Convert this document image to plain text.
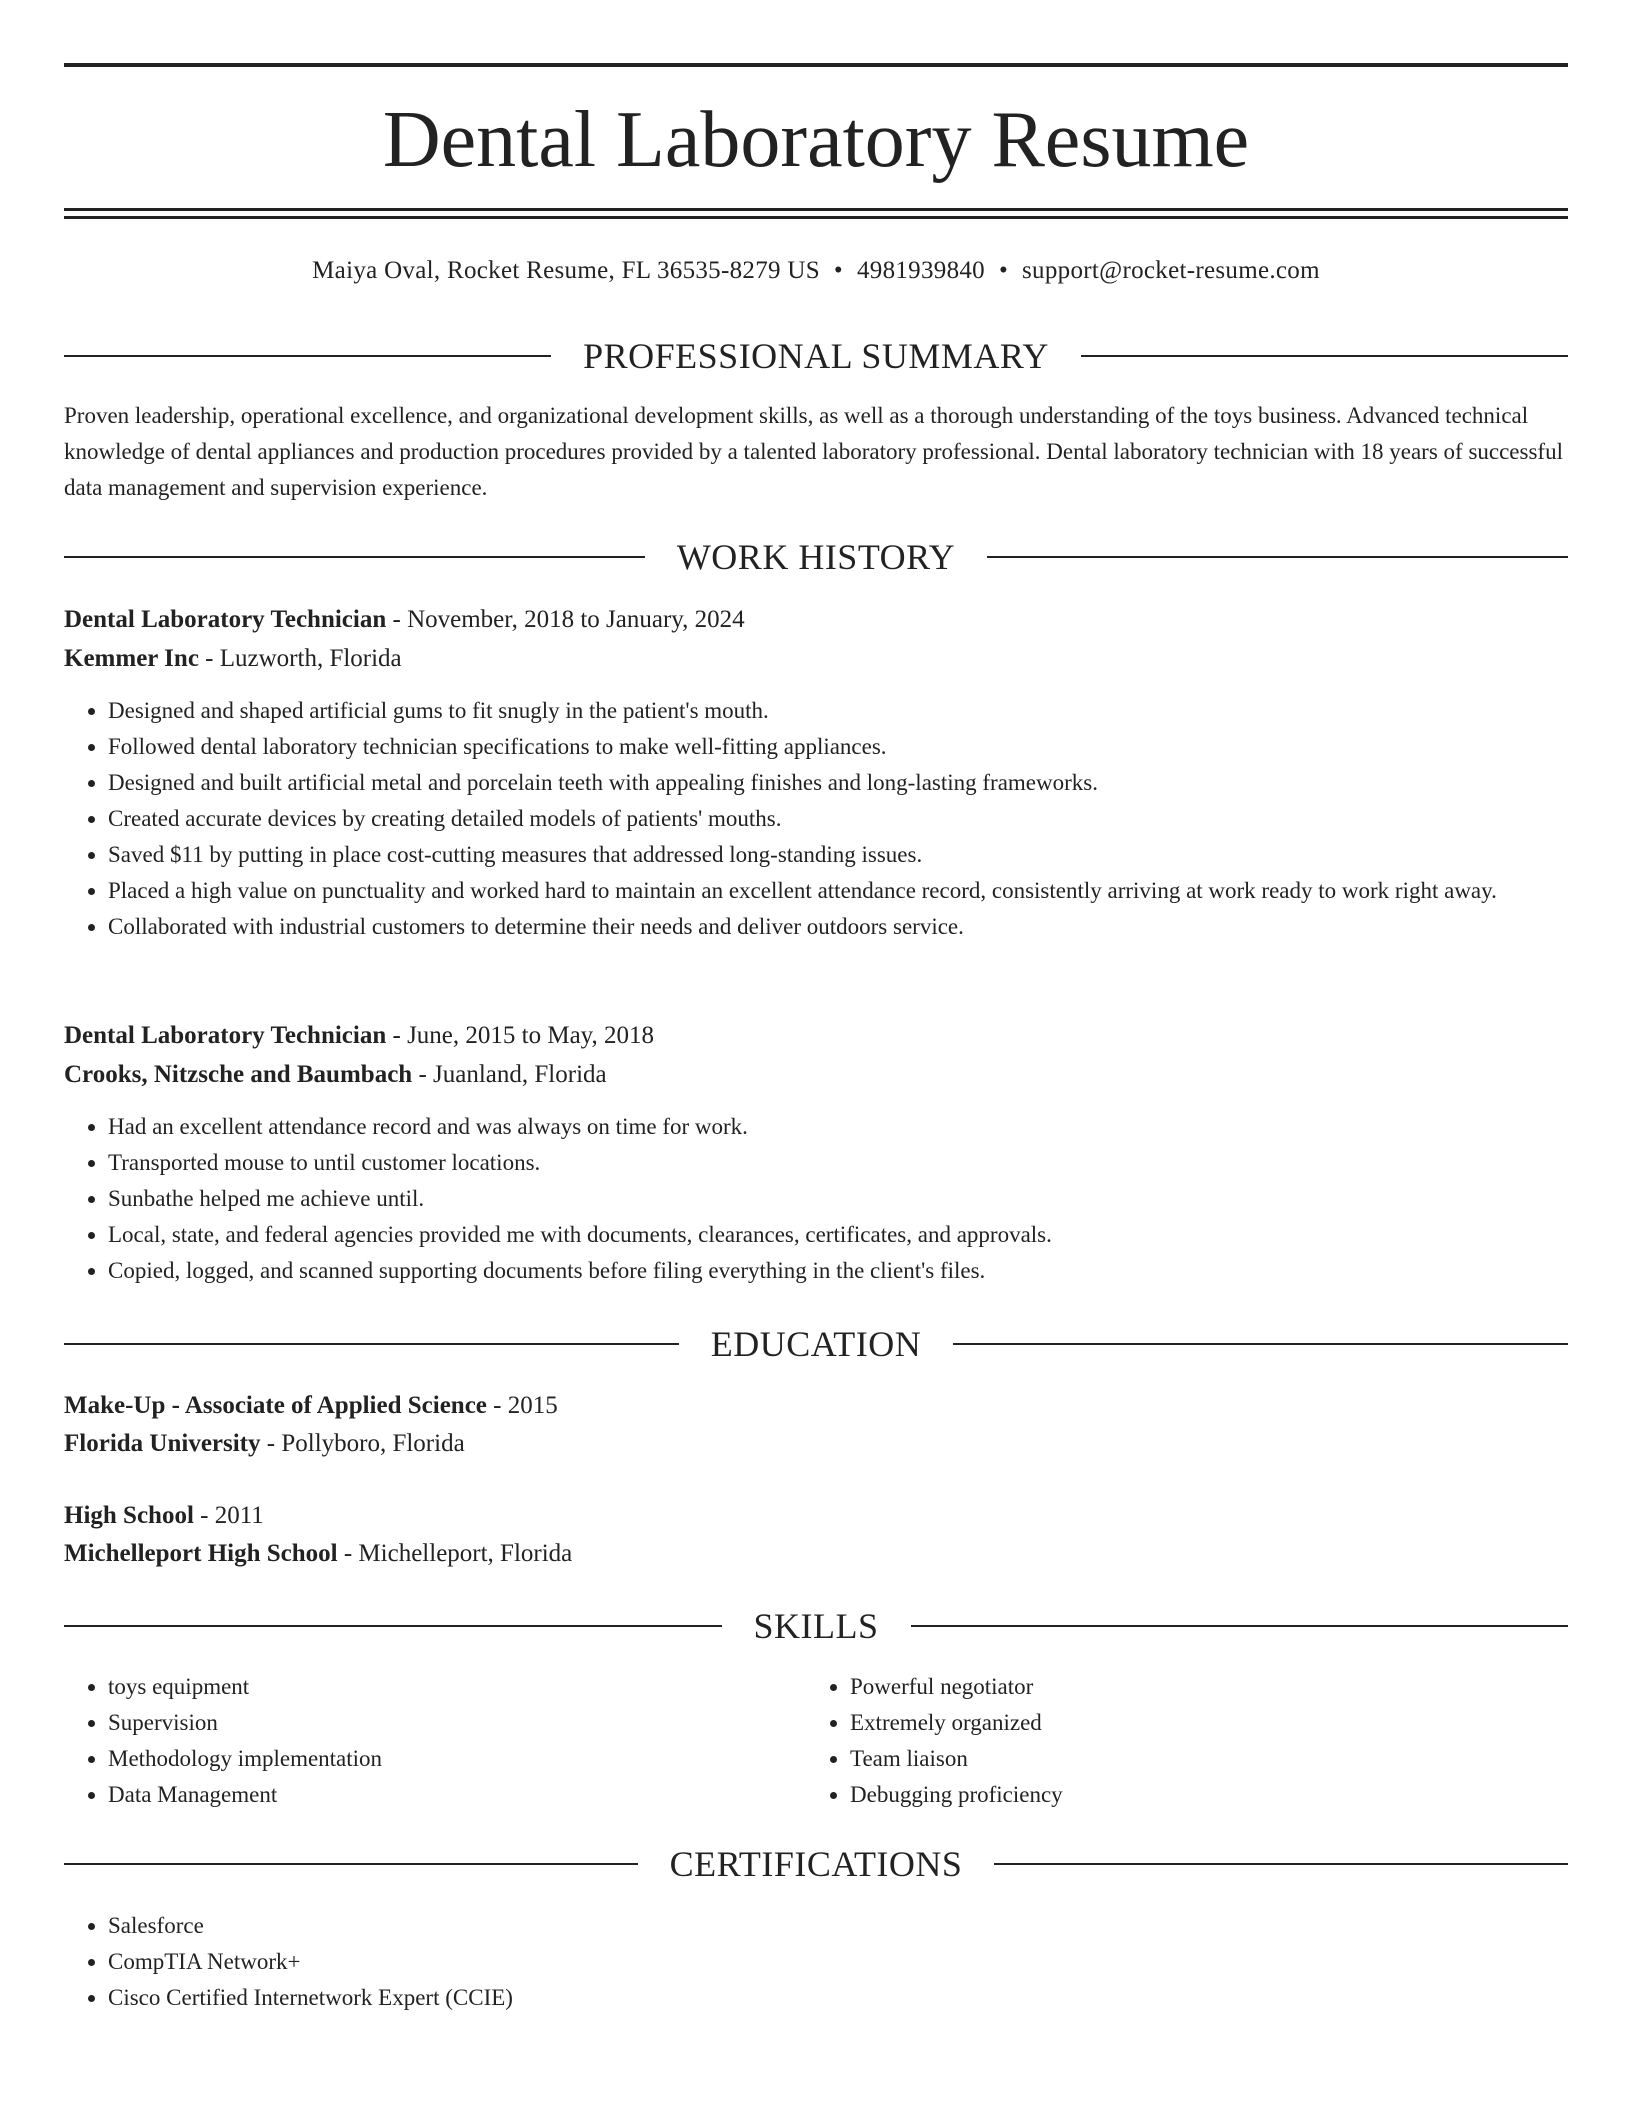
Dental Laboratory Resume
Maiya Oval, Rocket Resume, FL 36535-8279 US • 4981939840 • support@rocket-resume.com
PROFESSIONAL SUMMARY

Proven leadership, operational excellence, and organizational development skills, as well as a thorough understanding of the toys business. Advanced technical knowledge of dental appliances and production procedures provided by a talented laboratory professional. Dental laboratory technician with 18 years of successful data management and supervision experience.

WORK HISTORY
Dental Laboratory Technician - November, 2018 to January, 2024
Kemmer Inc - Luzworth, Florida
• Designed and shaped artificial gums to fit snugly in the patient's mouth.
• Followed dental laboratory technician specifications to make well-fitting appliances.
• Designed and built artificial metal and porcelain teeth with appealing finishes and long-lasting frameworks.
• Created accurate devices by creating detailed models of patients' mouths.
• Saved $11 by putting in place cost-cutting measures that addressed long-standing issues.
• Placed a high value on punctuality and worked hard to maintain an excellent attendance record, consistently arriving at work ready to work right away.
• Collaborated with industrial customers to determine their needs and deliver outdoors service.
Dental Laboratory Technician - June, 2015 to May, 2018
Crooks, Nitzsche and Baumbach - Juanland, Florida
• Had an excellent attendance record and was always on time for work.
• Transported mouse to until customer locations.
• Sunbathe helped me achieve until.
• Local, state, and federal agencies provided me with documents, clearances, certificates, and approvals.
• Copied, logged, and scanned supporting documents before filing everything in the client's files.
EDUCATION
Make-Up - Associate of Applied Science - 2015
Florida University - Pollyboro, Florida
High School - 2011
Michelleport High School - Michelleport, Florida
SKILLS
• toys equipment
• Supervision
• Methodology implementation
• Data Management
• Powerful negotiator
• Extremely organized
• Team liaison
• Debugging proficiency
CERTIFICATIONS
• Salesforce
• CompTIA Network+
• Cisco Certified Internetwork Expert (CCIE)
